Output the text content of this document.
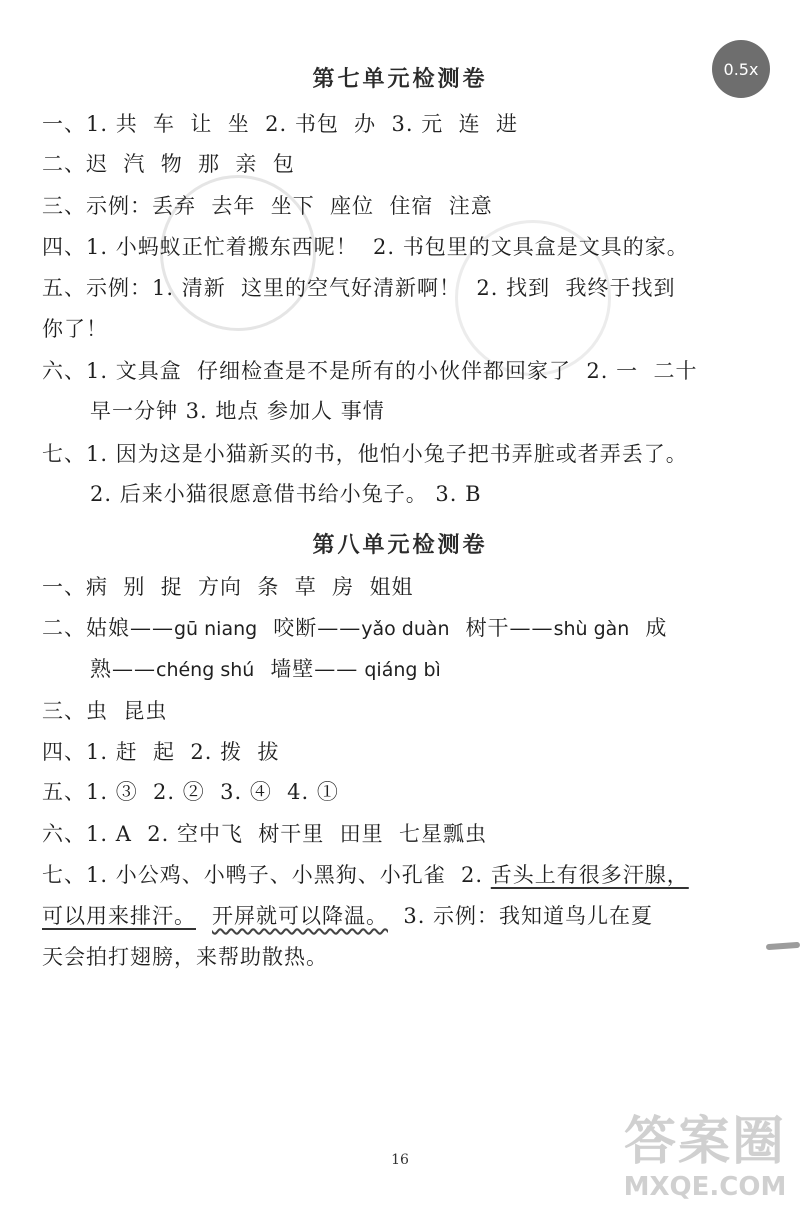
0.5x
第七单元检测卷
一、1. 共  车  让  坐  2. 书包  办  3. 元  连  进
二、迟  汽  物  那  亲  包
三、示例：丢弃  去年  坐下  座位  住宿  注意
四、1. 小蚂蚁正忙着搬东西呢！  2. 书包里的文具盒是文具的家。
五、示例：1. 清新  这里的空气好清新啊！  2. 找到  我终于找到
你了！
六、1. 文具盒  仔细检查是不是所有的小伙伴都回家了  2. 一  二十
早一分钟 3. 地点 参加人 事情
七、1. 因为这是小猫新买的书，他怕小兔子把书弄脏或者弄丢了。
2. 后来小猫很愿意借书给小兔子。 3. B
第八单元检测卷
一、病  别  捉  方向  条  草  房  姐姐
二、姑娘——gū niang 咬断——yǎo duàn 树干——shù gàn 成
熟——chéng shú 墙壁—— qiáng bì
三、虫  昆虫
四、1. 赶  起  2. 拨  拔
五、1. ③  2. ②  3. ④  4. ①
六、1. A  2. 空中飞  树干里  田里  七星瓢虫
七、1. 小公鸡、小鸭子、小黑狗、小孔雀  2. 舌头上有很多汗腺，
可以用来排汗。 开屏就可以降温。  3. 示例：我知道鸟儿在夏
天会拍打翅膀，来帮助散热。
16	答案圈
MXQE.COM
